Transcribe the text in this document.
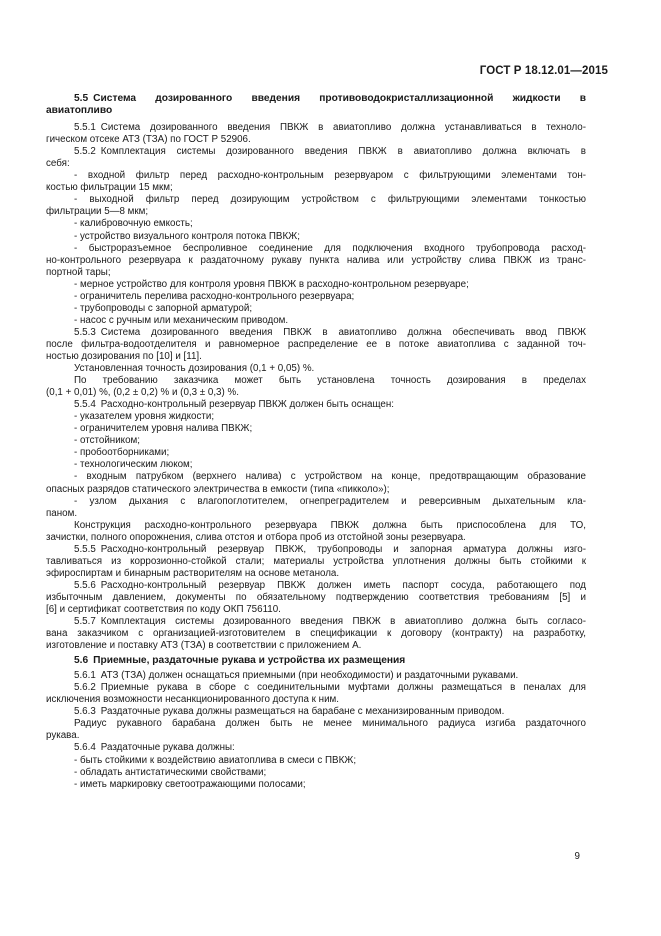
ГОСТ Р 18.12.01—2015
5.5 Система дозированного введения противоводокристаллизационной жидкости в
авиатопливо
5.5.1 Система дозированного введения ПВКЖ в авиатопливо должна устанавливаться в техноло-
гическом отсеке АТЗ (ТЗА) по ГОСТ Р 52906.
5.5.2 Комплектация системы дозированного введения ПВКЖ в авиатопливо должна включать в
себя:
- входной фильтр перед расходно-контрольным резервуаром с фильтрующими элементами тон-
костью фильтрации 15 мкм;
- выходной фильтр перед дозирующим устройством с фильтрующими элементами тонкостью
фильтрации 5—8 мкм;
- калибровочную емкость;
- устройство визуального контроля потока ПВКЖ;
- быстроразъемное беспроливное соединение для подключения входного трубопровода расход-
но-контрольного резервуара к раздаточному рукаву пункта налива или устройству слива ПВКЖ из транс-
портной тары;
- мерное устройство для контроля уровня ПВКЖ в расходно-контрольном резервуаре;
- ограничитель перелива расходно-контрольного резервуара;
- трубопроводы с запорной арматурой;
- насос с ручным или механическим приводом.
5.5.3 Система дозированного введения ПВКЖ в авиатопливо должна обеспечивать ввод ПВКЖ
после фильтра-водоотделителя и равномерное распределение ее в потоке авиатоплива с заданной точ-
ностью дозирования по [10] и [11].
Установленная точность дозирования (0,1 + 0,05) %.
По требованию заказчика может быть установлена точность дозирования в пределах
(0,1 + 0,01) %, (0,2 ± 0,2) % и (0,3 ± 0,3) %.
5.5.4 Расходно-контрольный резервуар ПВКЖ должен быть оснащен:
- указателем уровня жидкости;
- ограничителем уровня налива ПВКЖ;
- отстойником;
- пробоотборниками;
- технологическим люком;
- входным патрубком (верхнего налива) с устройством на конце, предотвращающим образование
опасных разрядов статического электричества в емкости (типа «пикколо»);
- узлом дыхания с влагопоглотителем, огнепреградителем и реверсивным дыхательным кла-
паном.
Конструкция расходно-контрольного резервуара ПВКЖ должна быть приспособлена для ТО,
зачистки, полного опорожнения, слива отстоя и отбора проб из отстойной зоны резервуара.
5.5.5 Расходно-контрольный резервуар ПВКЖ, трубопроводы и запорная арматура должны изго-
тавливаться из коррозионно-стойкой стали; материалы устройства уплотнения должны быть стойкими к
эфироспиртам и бинарным растворителям на основе метанола.
5.5.6 Расходно-контрольный резервуар ПВКЖ должен иметь паспорт сосуда, работающего под
избыточным давлением, документы по обязательному подтверждению соответствия требованиям [5] и
[6] и сертификат соответствия по коду ОКП 756110.
5.5.7 Комплектация системы дозированного введения ПВКЖ в авиатопливо должна быть согласо-
вана заказчиком с организацией-изготовителем в спецификации к договору (контракту) на разработку,
изготовление и поставку АТЗ (ТЗА) в соответствии с приложением А.
5.6 Приемные, раздаточные рукава и устройства их размещения
5.6.1 АТЗ (ТЗА) должен оснащаться приемными (при необходимости) и раздаточными рукавами.
5.6.2 Приемные рукава в сборе с соединительными муфтами должны размещаться в пеналах для
исключения возможности несанкционированного доступа к ним.
5.6.3 Раздаточные рукава должны размещаться на барабане с механизированным приводом.
Радиус рукавного барабана должен быть не менее минимального радиуса изгиба раздаточного
рукава.
5.6.4 Раздаточные рукава должны:
- быть стойкими к воздействию авиатоплива в смеси с ПВКЖ;
- обладать антистатическими свойствами;
- иметь маркировку светоотражающими полосами;
9
